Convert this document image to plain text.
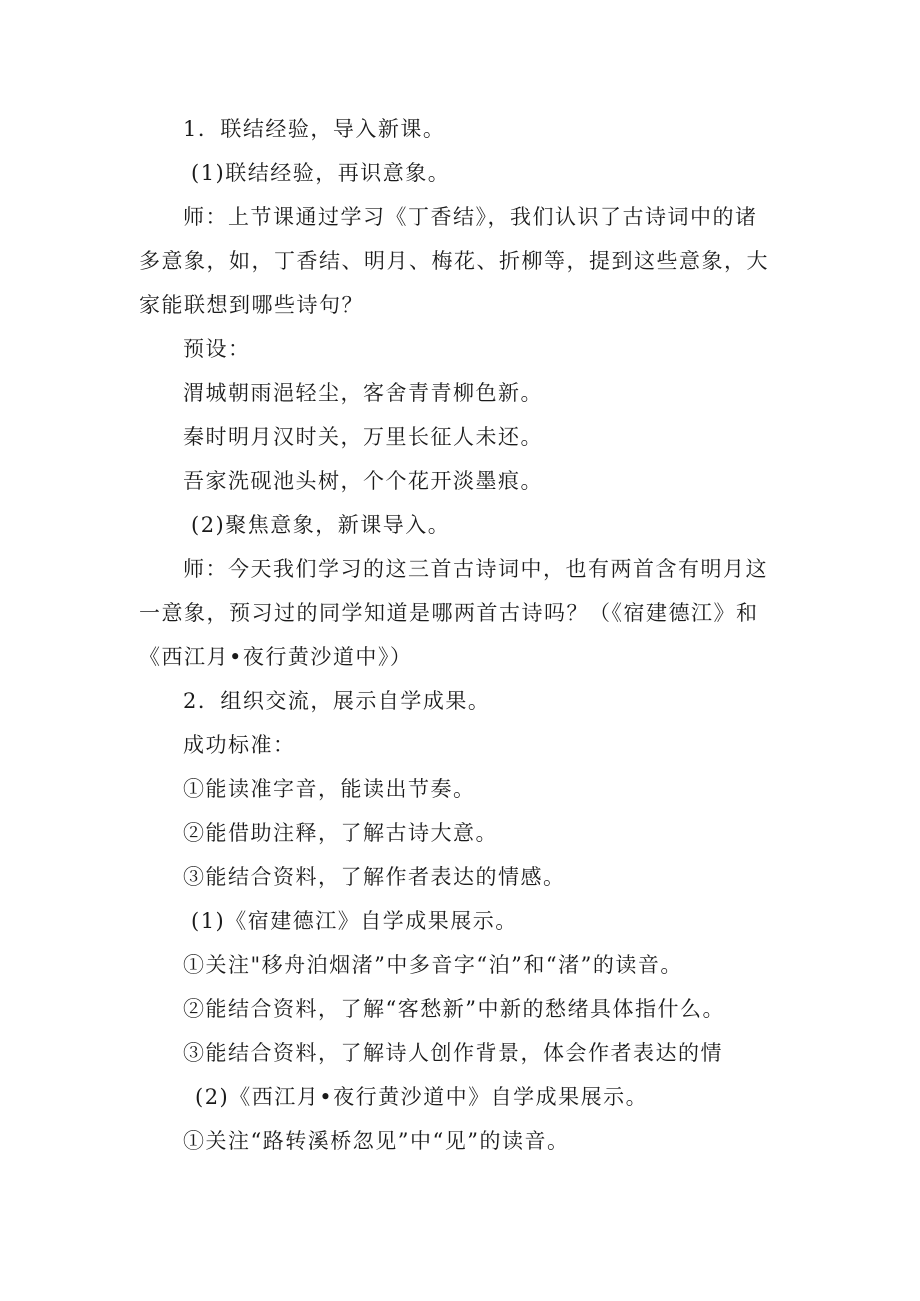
1．联结经验，导入新课。
(1)联结经验，再识意象。
师：上节课通过学习《丁香结》，我们认识了古诗词中的诸
多意象，如，丁香结、明月、梅花、折柳等，提到这些意象，大
家能联想到哪些诗句？
预设：
渭城朝雨浥轻尘，客舍青青柳色新。
秦时明月汉时关，万里长征人未还。
吾家洗砚池头树，个个花开淡墨痕。
(2)聚焦意象，新课导入。
师：今天我们学习的这三首古诗词中，也有两首含有明月这
一意象，预习过的同学知道是哪两首古诗吗？（《宿建德江》和
《西江月•夜行黄沙道中》）
2．组织交流，展示自学成果。
成功标准：
①能读准字音，能读出节奏。
②能借助注释，了解古诗大意。
③能结合资料，了解作者表达的情感。
(1)《宿建德江》自学成果展示。
①关注"移舟泊烟渚”中多音字“泊”和“渚”的读音。
②能结合资料，了解“客愁新”中新的愁绪具体指什么。
③能结合资料，了解诗人创作背景，体会作者表达的情
(2)《西江月•夜行黄沙道中》自学成果展示。
①关注“路转溪桥忽见”中“见”的读音。
